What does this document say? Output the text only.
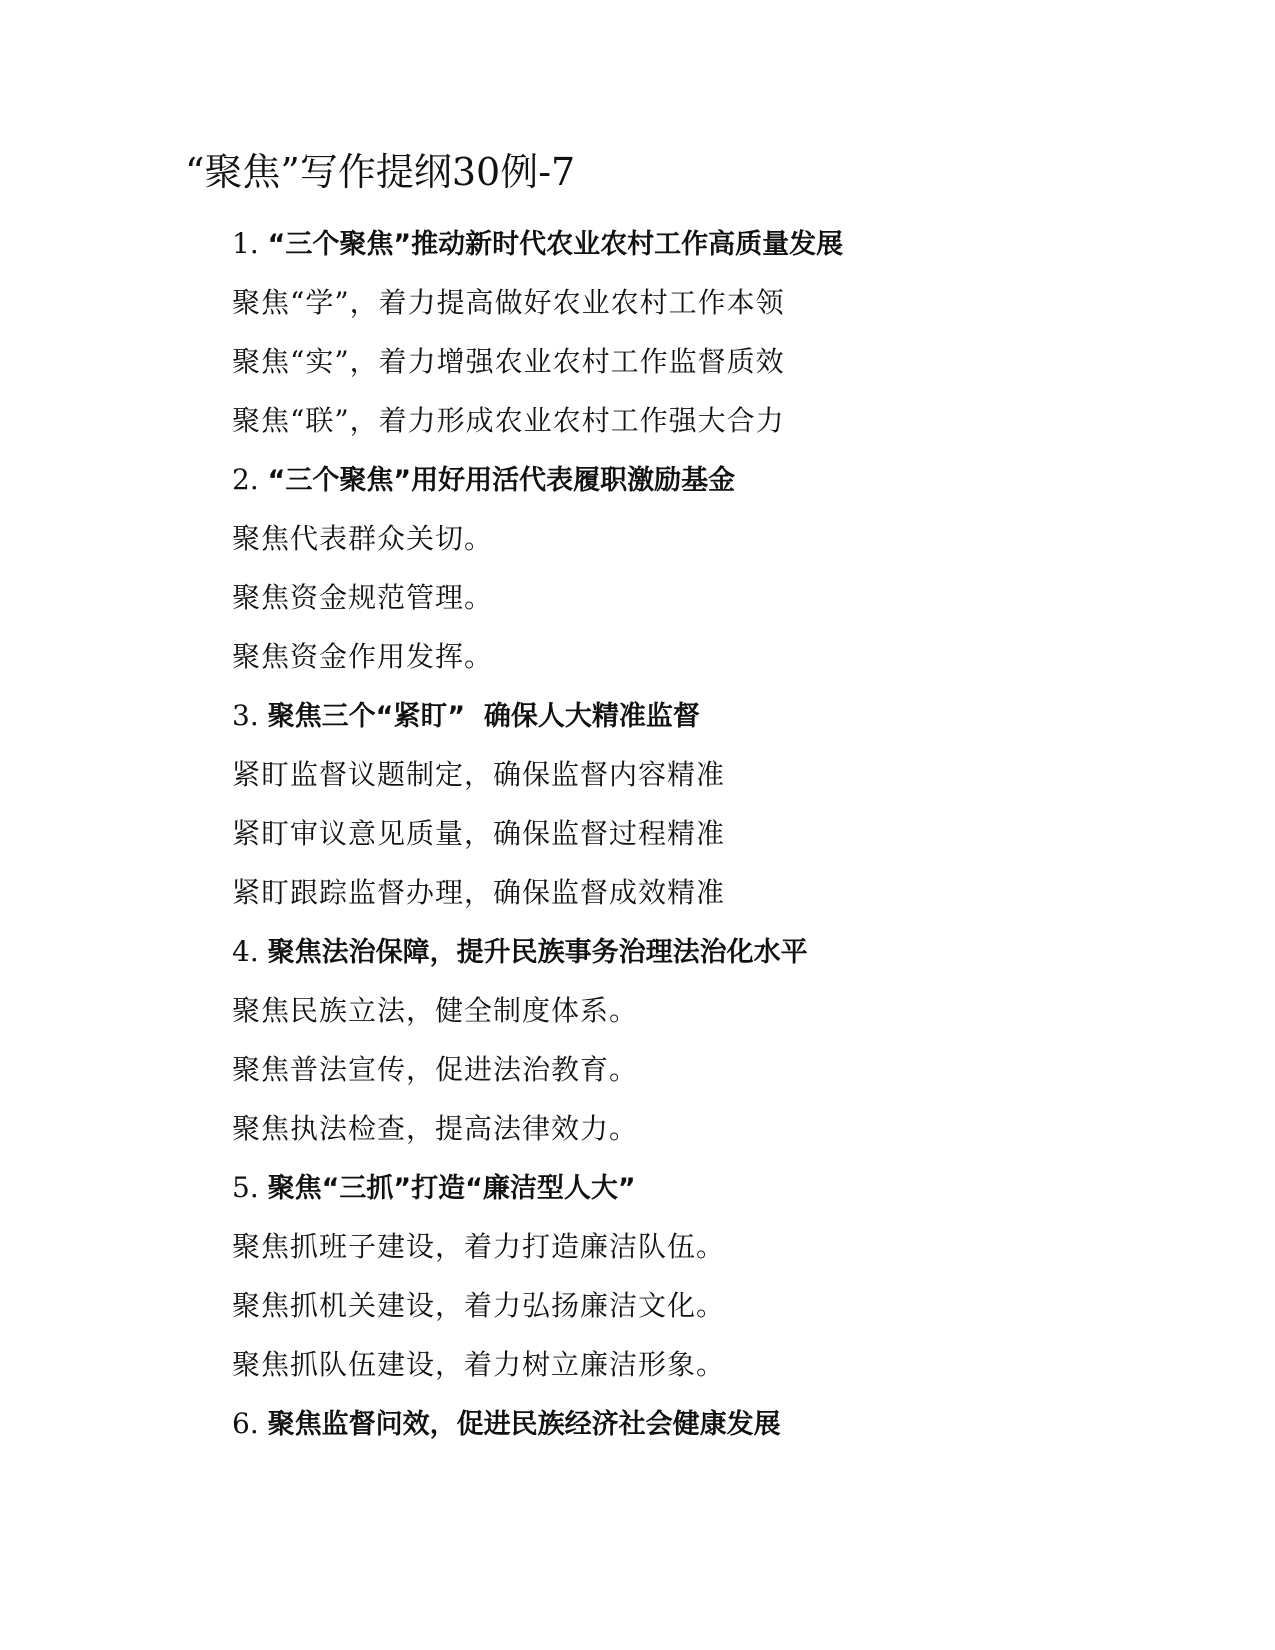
“聚焦”写作提纲30例-7
1. “三个聚焦”推动新时代农业农村工作高质量发展
聚焦“学”，着力提高做好农业农村工作本领
聚焦“实”，着力增强农业农村工作监督质效
聚焦“联”，着力形成农业农村工作强大合力
2. “三个聚焦”用好用活代表履职激励基金
聚焦代表群众关切。
聚焦资金规范管理。
聚焦资金作用发挥。
3. 聚焦三个“紧盯”  确保人大精准监督
紧盯监督议题制定，确保监督内容精准
紧盯审议意见质量，确保监督过程精准
紧盯跟踪监督办理，确保监督成效精准
4. 聚焦法治保障，提升民族事务治理法治化水平
聚焦民族立法，健全制度体系。
聚焦普法宣传，促进法治教育。
聚焦执法检查，提高法律效力。
5. 聚焦“三抓”打造“廉洁型人大”
聚焦抓班子建设，着力打造廉洁队伍。
聚焦抓机关建设，着力弘扬廉洁文化。
聚焦抓队伍建设，着力树立廉洁形象。
6. 聚焦监督问效，促进民族经济社会健康发展
